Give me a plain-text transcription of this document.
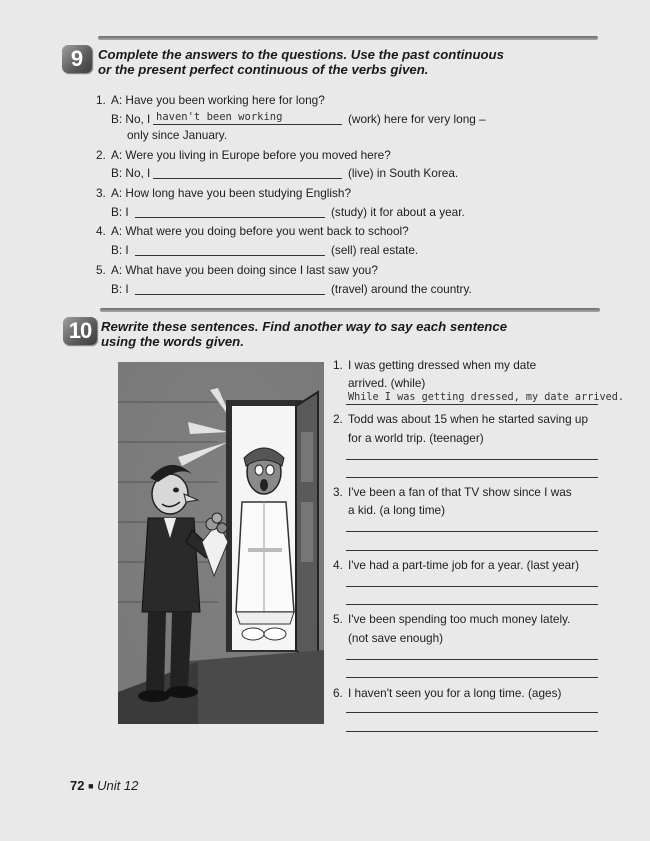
9	Complete the answers to the questions. Use the past continuous
or the present perfect continuous of the verbs given.
1. A: Have you been working here for long?
B: No, I haven't been working	(work) here for very long –
only since January.
2. A: Were you living in Europe before you moved here?
B: No, I	(live) in South Korea.
3. A: How long have you been studying English?
B: I	(study) it for about a year.
4. A: What were you doing before you went back to school?
B: I	(sell) real estate.
5. A: What have you been doing since I last saw you?
B: I	(travel) around the country.
10 Rewrite these sentences. Find another way to say each sentence
using the words given.
1. I was getting dressed when my date
arrived. (while)
While I was getting dressed, my date arrived.
2. Todd was about 15 when he started saving up
for a world trip. (teenager)
3. I've been a fan of that TV show since I was
a kid. (a long time)
4. I've had a part-time job for a year. (last year)
5. I've been spending too much money lately.
(not save enough)
6. I haven't seen you for a long time. (ages)
72 ■ Unit 12
